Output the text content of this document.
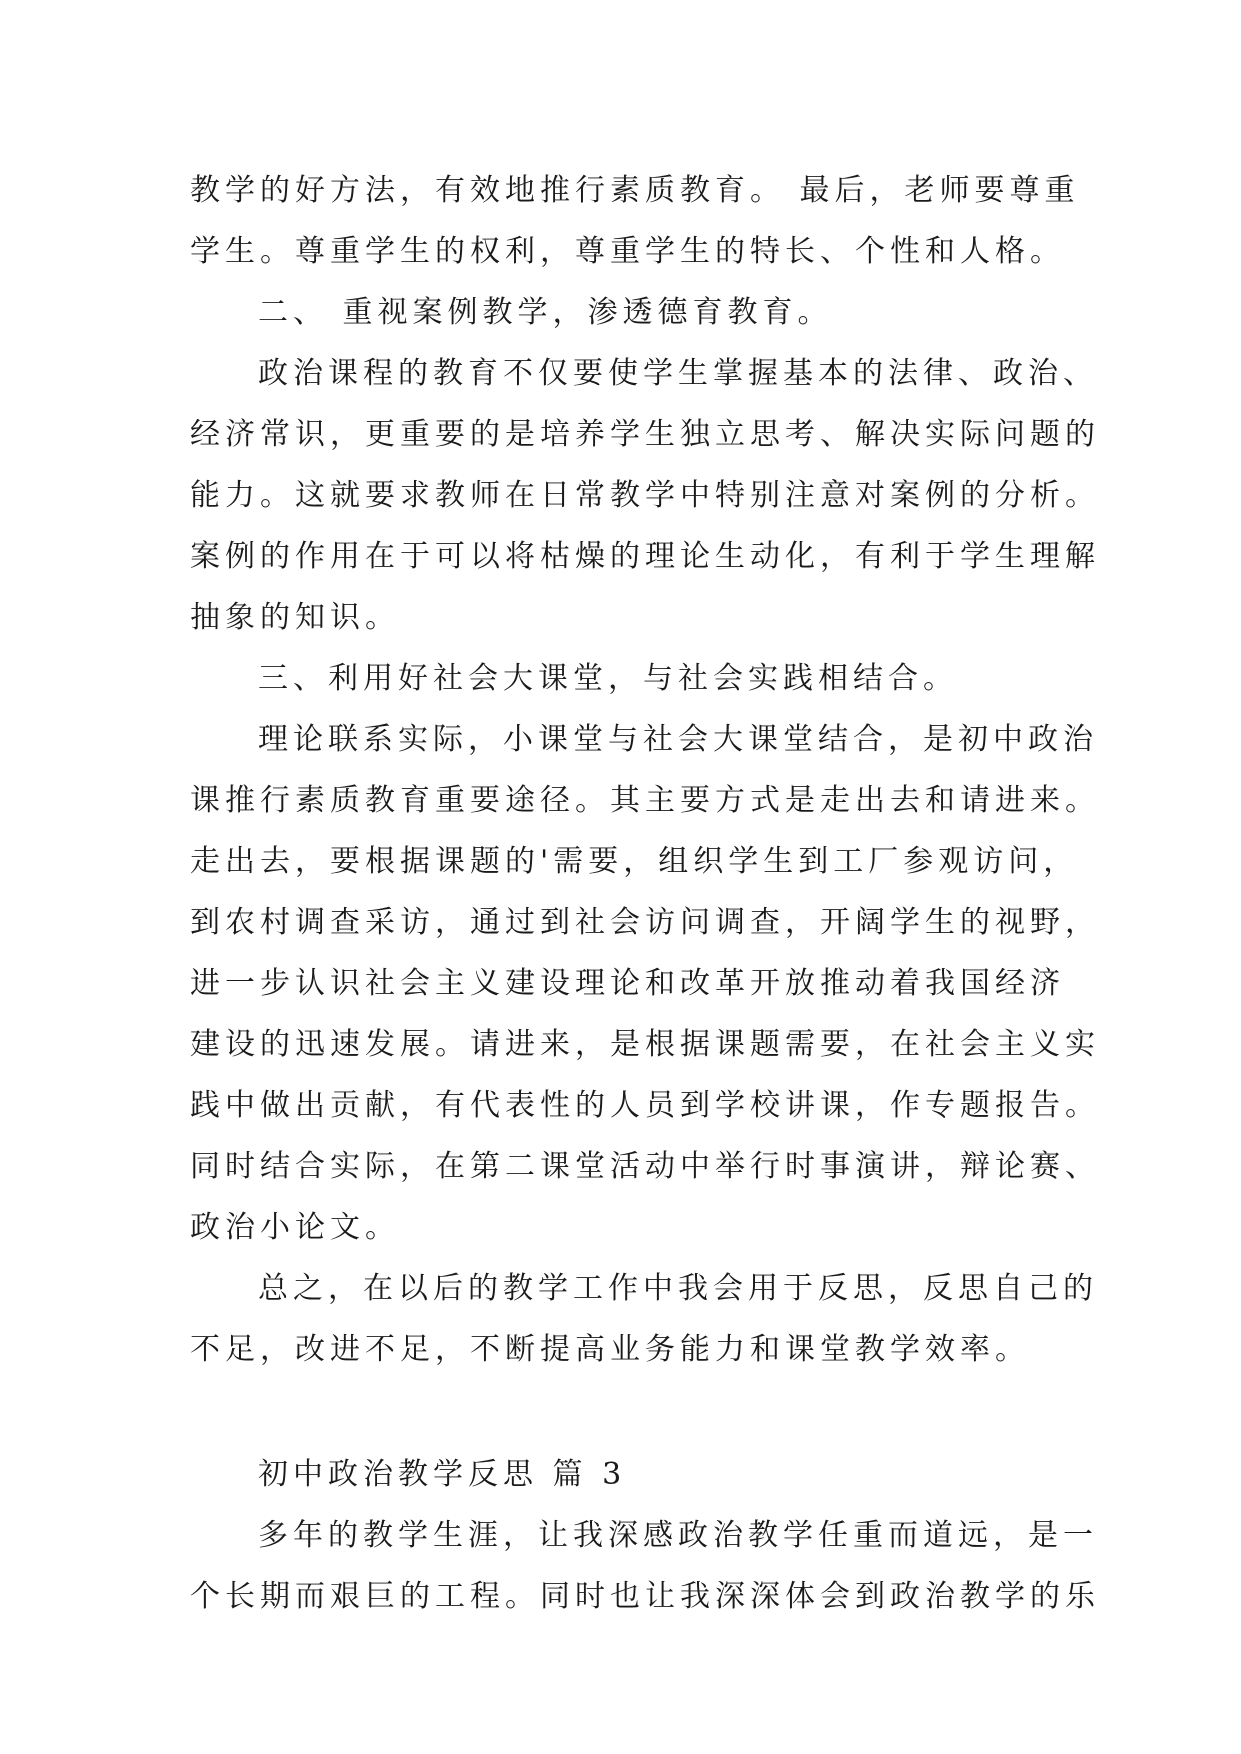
教学的好方法，有效地推行素质教育。 最后，老师要尊重
学生。尊重学生的权利，尊重学生的特长、个性和人格。
二、 重视案例教学，渗透德育教育。
政治课程的教育不仅要使学生掌握基本的法律、政治、
经济常识，更重要的是培养学生独立思考、解决实际问题的
能力。这就要求教师在日常教学中特别注意对案例的分析。
案例的作用在于可以将枯燥的理论生动化，有利于学生理解
抽象的知识。
三、利用好社会大课堂，与社会实践相结合。
理论联系实际，小课堂与社会大课堂结合，是初中政治
课推行素质教育重要途径。其主要方式是走出去和请进来。
走出去，要根据课题的'需要，组织学生到工厂参观访问，
到农村调查采访，通过到社会访问调查，开阔学生的视野，
进一步认识社会主义建设理论和改革开放推动着我国经济
建设的迅速发展。请进来，是根据课题需要，在社会主义实
践中做出贡献，有代表性的人员到学校讲课，作专题报告。
同时结合实际，在第二课堂活动中举行时事演讲，辩论赛、
政治小论文。
总之，在以后的教学工作中我会用于反思，反思自己的
不足，改进不足，不断提高业务能力和课堂教学效率。
初中政治教学反思 篇 3
多年的教学生涯，让我深感政治教学任重而道远，是一
个长期而艰巨的工程。同时也让我深深体会到政治教学的乐
